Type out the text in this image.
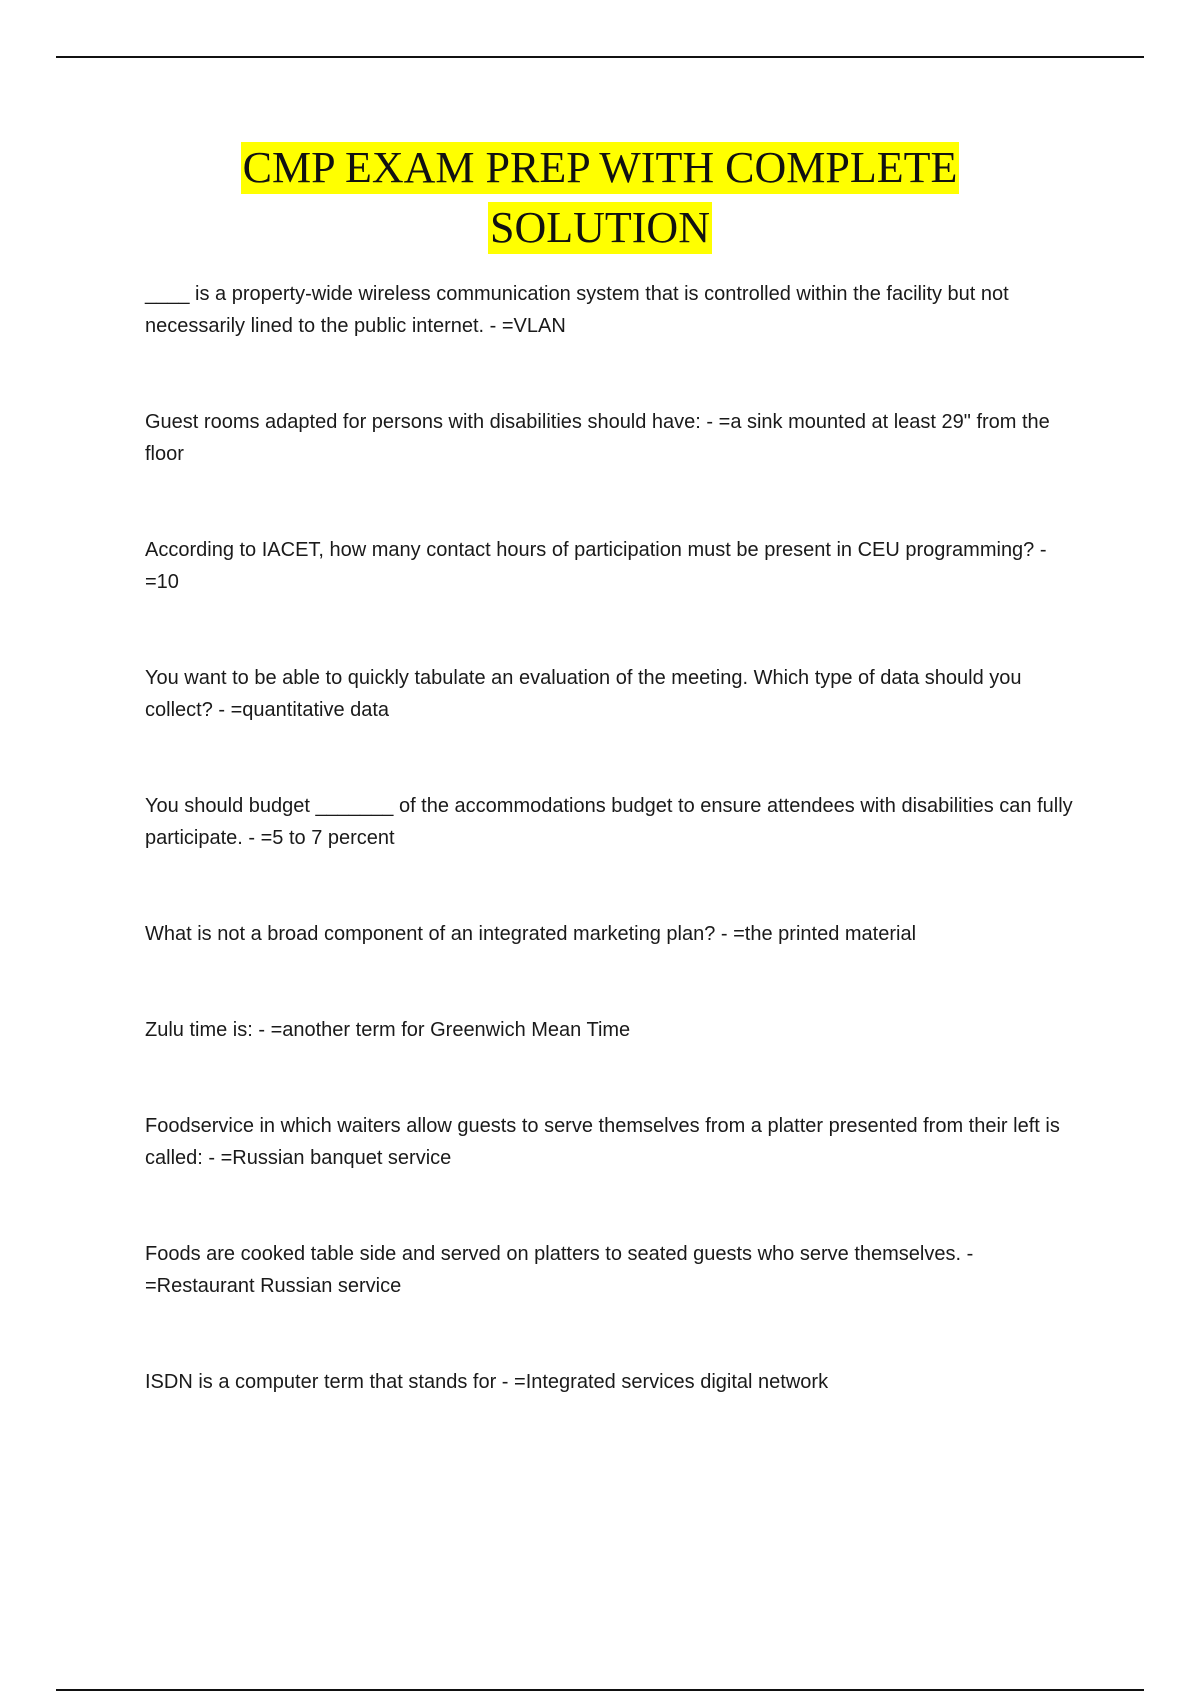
CMP EXAM PREP WITH COMPLETE
SOLUTION
____ is a property-wide wireless communication system that is controlled within the facility but not necessarily lined to the public internet. - =VLAN
Guest rooms adapted for persons with disabilities should have: - =a sink mounted at least 29" from the floor
According to IACET, how many contact hours of participation must be present in CEU programming? - =10
You want to be able to quickly tabulate an evaluation of the meeting. Which type of data should you collect? - =quantitative data
You should budget _______ of the accommodations budget to ensure attendees with disabilities can fully participate. - =5 to 7 percent
What is not a broad component of an integrated marketing plan? - =the printed material
Zulu time is: - =another term for Greenwich Mean Time
Foodservice in which waiters allow guests to serve themselves from a platter presented from their left is called: - =Russian banquet service
Foods are cooked table side and served on platters to seated guests who serve themselves. - =Restaurant Russian service
ISDN is a computer term that stands for - =Integrated services digital network
